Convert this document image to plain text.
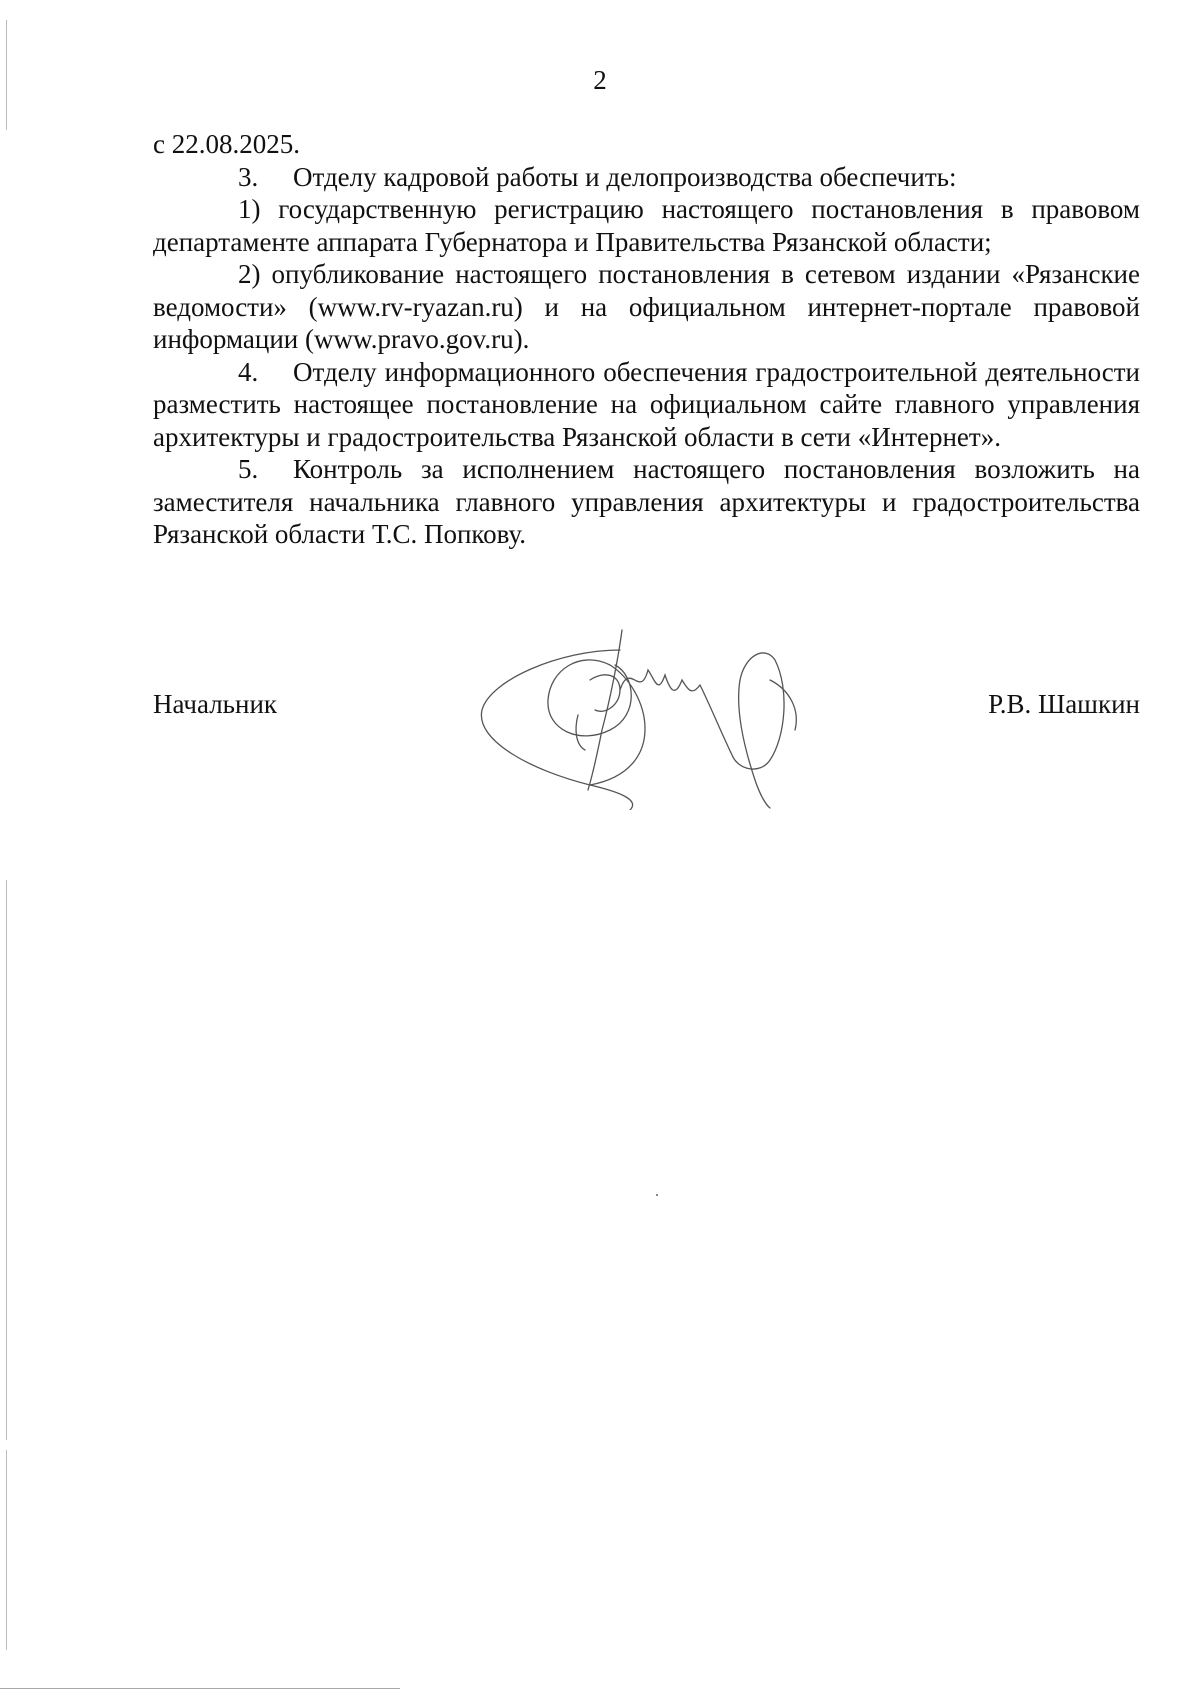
2

с 22.08.2025.

3. Отделу кадровой работы и делопроизводства обеспечить:

1) государственную регистрацию настоящего постановления в правовом департаменте аппарата Губернатора и Правительства Рязанской области;

2) опубликование настоящего постановления в сетевом издании «Рязанские ведомости» (www.rv-ryazan.ru) и на официальном интернет-портале правовой информации (www.pravo.gov.ru).

4. Отделу информационного обеспечения градостроительной деятельности разместить настоящее постановление на официальном сайте главного управления архитектуры и градостроительства Рязанской области в сети «Интернет».

5. Контроль за исполнением настоящего постановления возложить на заместителя начальника главного управления архитектуры и градостроительства Рязанской области Т.С. Попкову.

Начальник	Р.В. Шашкин
